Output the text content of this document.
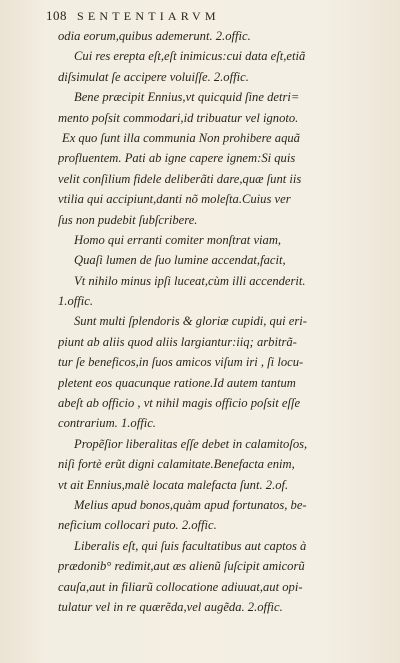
108 SENTENTIARVM
odia eorum,quibus ademerunt. 2.offic.
Cui res erepta eſt,eſt inimicus:cui data eſt,etiã
diſsimulat ſe accipere voluiſſe. 2.offic.
Bene præcipit Ennius,vt quicquid ſine detri=
mento poſsit commodari,id tribuatur vel ignoto.
Ex quo ſunt illa communia Non prohibere aquã
profluentem. Pati ab igne capere ignem:Si quis
velit conſilium fidele deliberãti dare,quæ ſunt iis
vtilia qui accipiunt,danti nõ moleſta.Cuius ver
ſus non pudebit ſubſcribere.
Homo qui erranti comiter monſtrat viam,
Quaſi lumen de ſuo lumine accendat,facit,
Vt nihilo minus ipſi luceat,cùm illi accenderit.
1.offic.
Sunt multi ſplendoris & gloriæ cupidi, qui eri-
piunt ab aliis quod aliis largiantur:iiq; arbitrã-
tur ſe beneficos,in ſuos amicos viſum iri , ſi locu-
pletent eos quacunque ratione.Id autem tantum
abeſt ab officio , vt nihil magis officio poſsit eſſe
contrarium. 1.offic.
Propẽſior liberalitas eſſe debet in calamitoſos,
niſi fortè erũt digni calamitate.Benefacta enim,
vt ait Ennius,malè locata malefacta ſunt. 2.of.
Melius apud bonos,quàm apud fortunatos, be-
neficium collocari puto. 2.offic.
Liberalis eſt, qui ſuis facultatibus aut captos à
prædonib° redimit,aut æs alienũ ſuſcipit amicorũ
cauſa,aut in filiarũ collocatione adiuuat,aut opi-
tulatur vel in re quærẽda,vel augẽda. 2.offic.
